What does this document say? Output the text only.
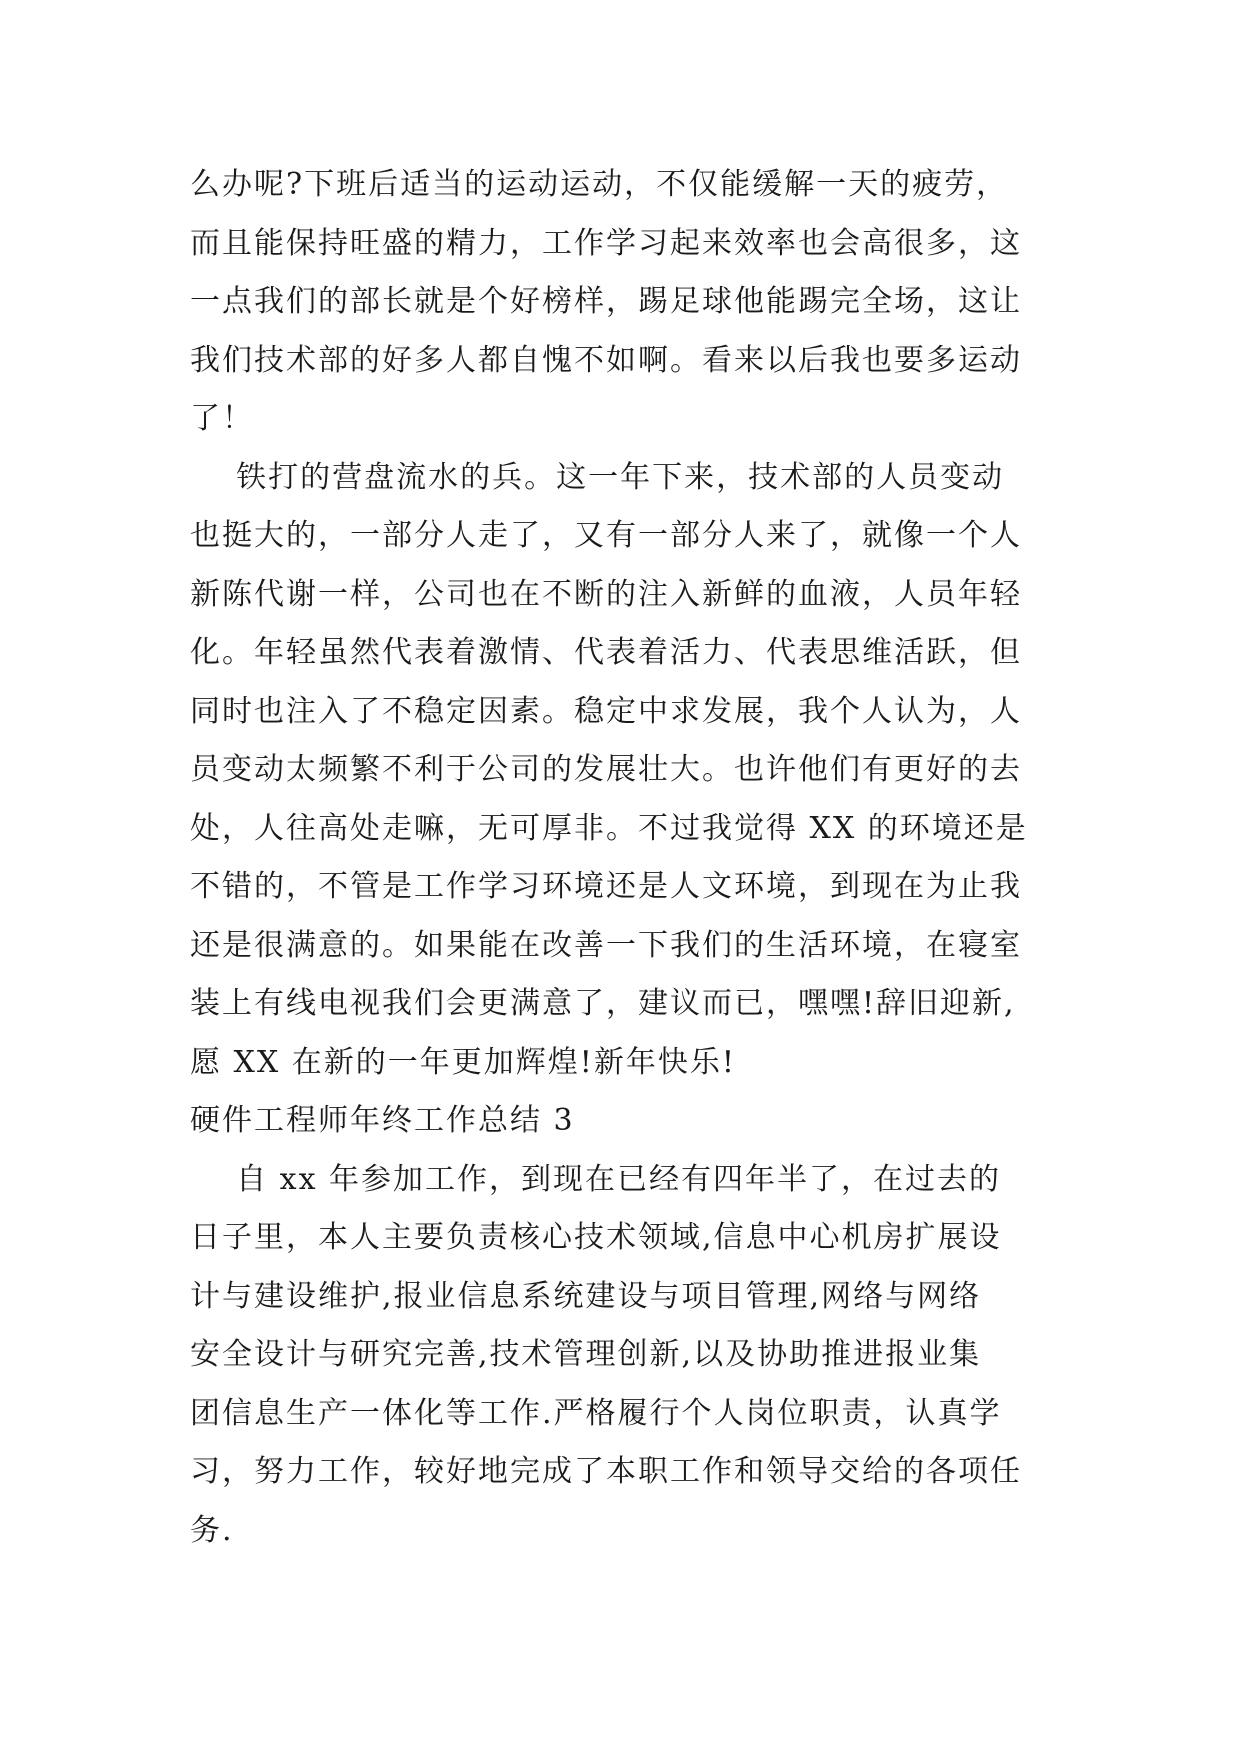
么办呢?下班后适当的运动运动，不仅能缓解一天的疲劳，
而且能保持旺盛的精力，工作学习起来效率也会高很多，这
一点我们的部长就是个好榜样，踢足球他能踢完全场，这让
我们技术部的好多人都自愧不如啊。看来以后我也要多运动
了！
铁打的营盘流水的兵。这一年下来，技术部的人员变动
也挺大的，一部分人走了，又有一部分人来了，就像一个人
新陈代谢一样，公司也在不断的注入新鲜的血液，人员年轻
化。年轻虽然代表着激情、代表着活力、代表思维活跃，但
同时也注入了不稳定因素。稳定中求发展，我个人认为，人
员变动太频繁不利于公司的发展壮大。也许他们有更好的去
处，人往高处走嘛，无可厚非。不过我觉得 XX 的环境还是
不错的，不管是工作学习环境还是人文环境，到现在为止我
还是很满意的。如果能在改善一下我们的生活环境，在寝室
装上有线电视我们会更满意了，建议而已，嘿嘿!辞旧迎新,
愿 XX 在新的一年更加辉煌!新年快乐!
硬件工程师年终工作总结 3
自 xx 年参加工作，到现在已经有四年半了，在过去的
日子里，本人主要负责核心技术领域,信息中心机房扩展设
计与建设维护,报业信息系统建设与项目管理,网络与网络
安全设计与研究完善,技术管理创新,以及协助推进报业集
团信息生产一体化等工作.严格履行个人岗位职责，认真学
习，努力工作，较好地完成了本职工作和领导交给的各项任
务.
